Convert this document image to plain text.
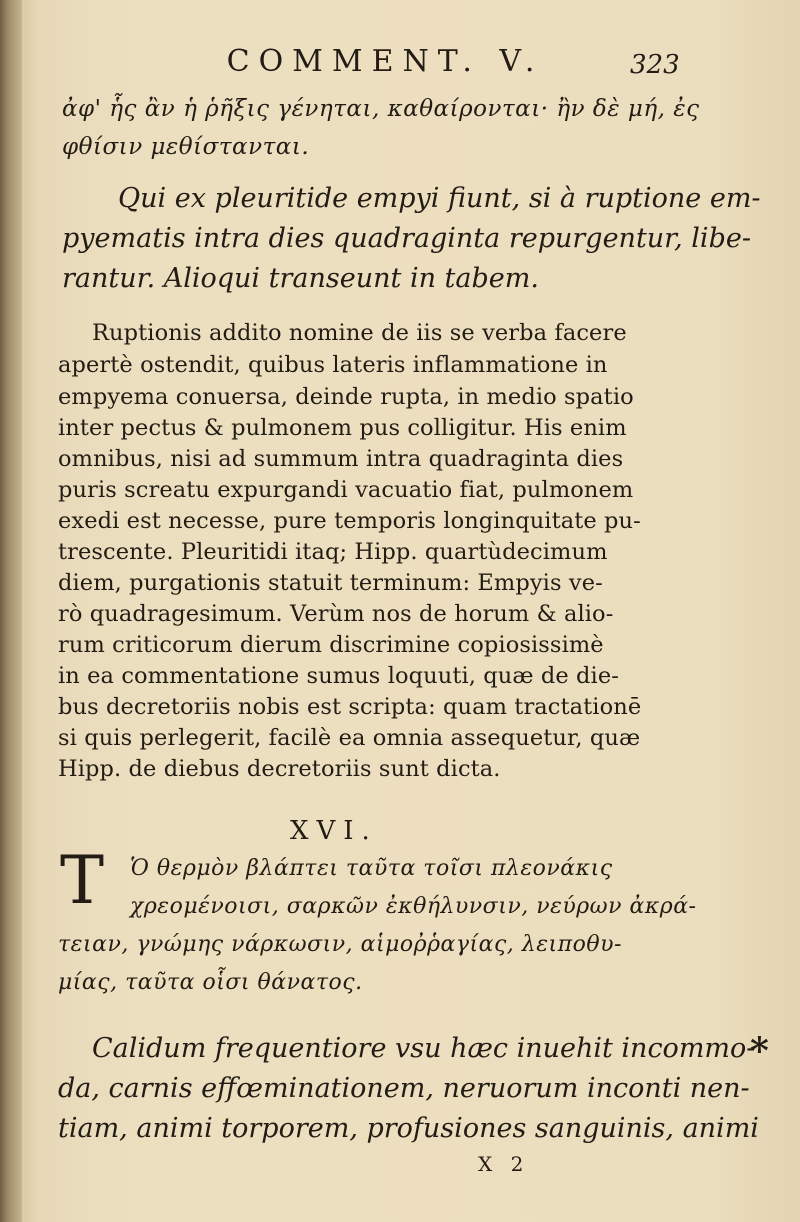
COMMENT. V.	323
ἀφ' ἧς ἂν ἡ ῥῆξις γένηται, καθαίρονται· ἢν δὲ μή, ἐς
φθίσιν μεθίστανται.
Qui ex pleuritide empyi fiunt, si à ruptione em-
pyematis intra dies quadraginta repurgentur, libe-
rantur. Alioqui transeunt in tabem.
Ruptionis addito nomine de iis se verba facere
apertè ostendit, quibus lateris inflammatione in
empyema conuersa, deinde rupta, in medio spatio
inter pectus & pulmonem pus colligitur. His enim
omnibus, nisi ad summum intra quadraginta dies
puris screatu expurgandi vacuatio fiat, pulmonem
exedi est necesse, pure temporis longinquitate pu-
trescente. Pleuritidi itaq; Hipp. quartùdecimum
diem, purgationis statuit terminum: Empyis ve-
rò quadragesimum. Verùm nos de horum & alio-
rum criticorum dierum discrimine copiosissimè
in ea commentatione sumus loquuti, quæ de die-
bus decretoriis nobis est scripta: quam tractationē
si quis perlegerit, facilè ea omnia assequetur, quæ
Hipp. de diebus decretoriis sunt dicta.
XVI.
T Ὁ θερμὸν βλάπτει ταῦτα τοῖσι πλεονάκις
χρεομένοισι, σαρκῶν ἐκθήλυνσιν, νεύρων ἀκρά-
τειαν, γνώμης νάρκωσιν, αἱμοῤῥαγίας, λειποθυ-
μίας, ταῦτα οἷσι θάνατος.
Calidum frequentiore vsu hæc inuehit incommo-
da, carnis effœminationem, neruorum inconti nen-
tiam, animi torporem, profusiones sanguinis, animi
*
X 2
